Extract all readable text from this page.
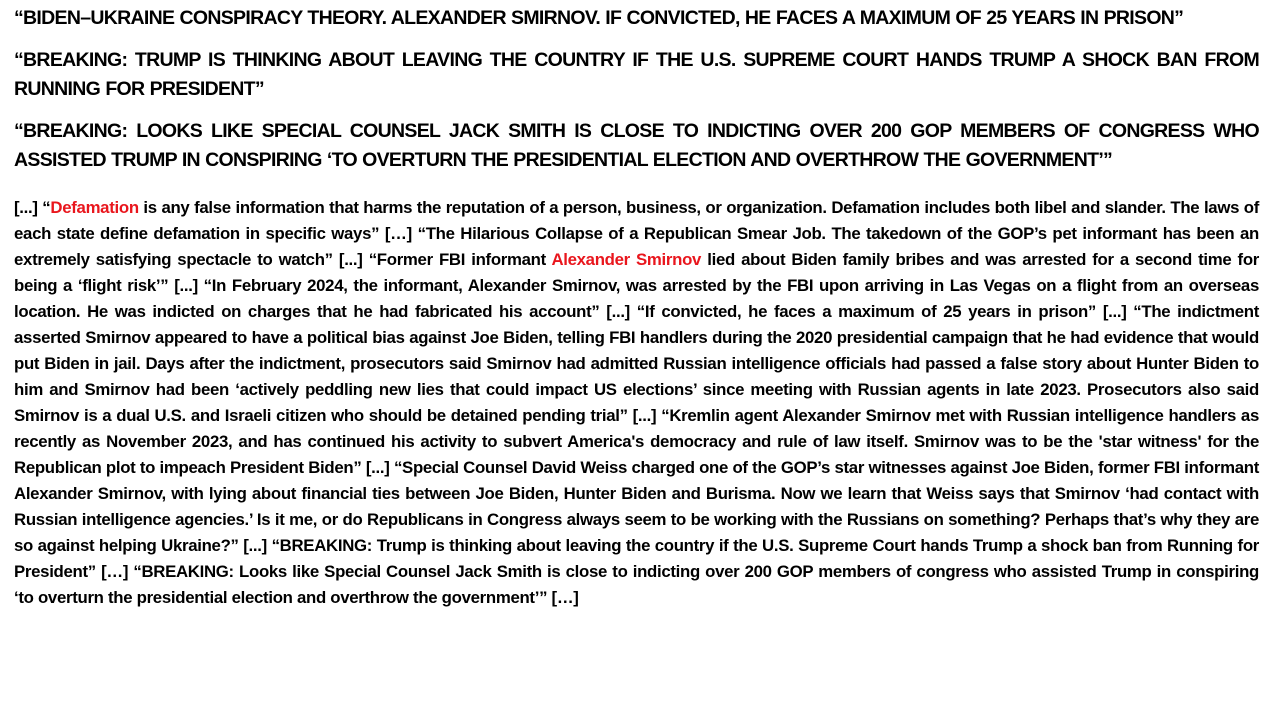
“BIDEN–UKRAINE CONSPIRACY THEORY. ALEXANDER SMIRNOV. IF CONVICTED, HE FACES A MAXIMUM OF 25 YEARS IN PRISON”

“BREAKING: TRUMP IS THINKING ABOUT LEAVING THE COUNTRY IF THE U.S. SUPREME COURT HANDS TRUMP A SHOCK BAN FROM RUNNING FOR PRESIDENT”

“BREAKING: LOOKS LIKE SPECIAL COUNSEL JACK SMITH IS CLOSE TO INDICTING OVER 200 GOP MEMBERS OF CONGRESS WHO ASSISTED TRUMP IN CONSPIRING ‘TO OVERTURN THE PRESIDENTIAL ELECTION AND OVERTHROW THE GOVERNMENT’”

[...] “Defamation is any false information that harms the reputation of a person, business, or organization. Defamation includes both libel and slander. The laws of each state define defamation in specific ways” […] “The Hilarious Collapse of a Republican Smear Job. The takedown of the GOP’s pet informant has been an extremely satisfying spectacle to watch” [...] “Former FBI informant Alexander Smirnov lied about Biden family bribes and was arrested for a second time for being a ‘flight risk’” [...] “In February 2024, the informant, Alexander Smirnov, was arrested by the FBI upon arriving in Las Vegas on a flight from an overseas location. He was indicted on charges that he had fabricated his account” [...] “If convicted, he faces a maximum of 25 years in prison” [...] “The indictment asserted Smirnov appeared to have a political bias against Joe Biden, telling FBI handlers during the 2020 presidential campaign that he had evidence that would put Biden in jail. Days after the indictment, prosecutors said Smirnov had admitted Russian intelligence officials had passed a false story about Hunter Biden to him and Smirnov had been ‘actively peddling new lies that could impact US elections’ since meeting with Russian agents in late 2023. Prosecutors also said Smirnov is a dual U.S. and Israeli citizen who should be detained pending trial” [...] “Kremlin agent Alexander Smirnov met with Russian intelligence handlers as recently as November 2023, and has continued his activity to subvert America's democracy and rule of law itself. Smirnov was to be the 'star witness' for the Republican plot to impeach President Biden” [...] “Special Counsel David Weiss charged one of the GOP’s star witnesses against Joe Biden, former FBI informant Alexander Smirnov, with lying about financial ties between Joe Biden, Hunter Biden and Burisma. Now we learn that Weiss says that Smirnov ‘had contact with Russian intelligence agencies.’ Is it me, or do Republicans in Congress always seem to be working with the Russians on something? Perhaps that’s why they are so against helping Ukraine?” [...] “BREAKING: Trump is thinking about leaving the country if the U.S. Supreme Court hands Trump a shock ban from Running for President” […] “BREAKING: Looks like Special Counsel Jack Smith is close to indicting over 200 GOP members of congress who assisted Trump in conspiring ‘to overturn the presidential election and overthrow the government’” […]
